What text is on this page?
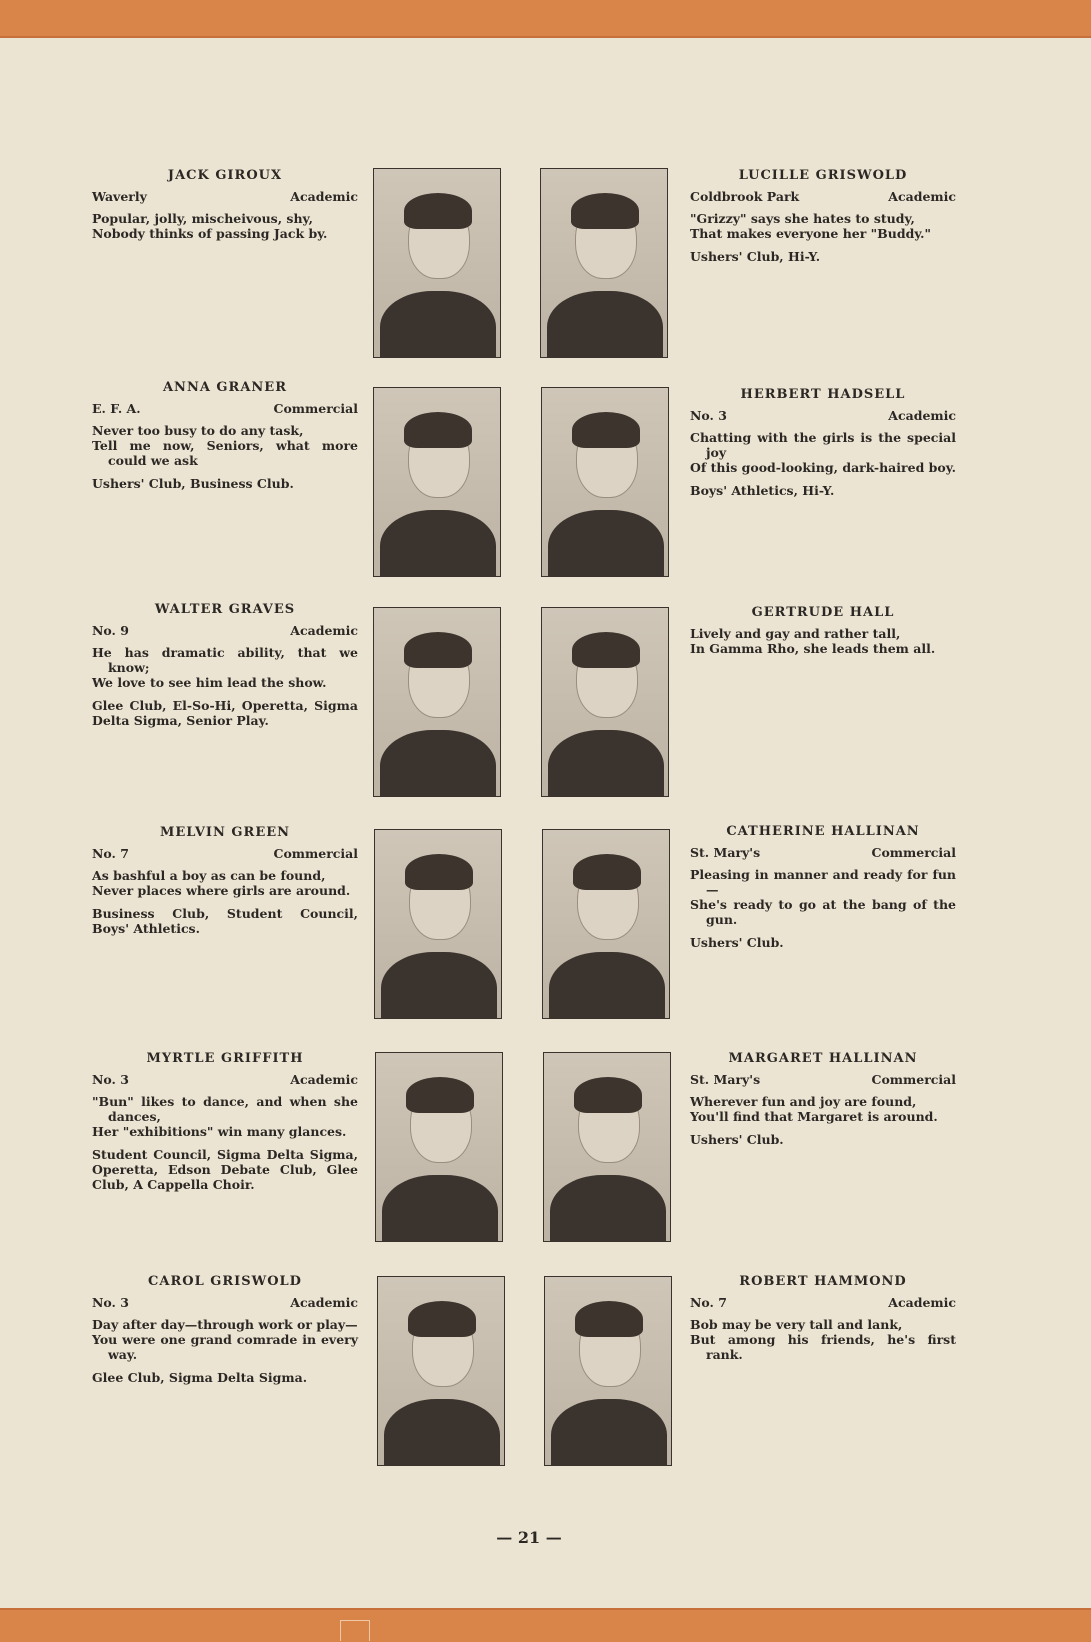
JACK GIROUX
Waverly	Academic
Popular, jolly, mischeivous, shy,
Nobody thinks of passing Jack by.
ANNA GRANER
E. F. A.	Commercial
Never too busy to do any task,
Tell me now, Seniors, what more could we ask
Ushers' Club, Business Club.
WALTER GRAVES
No. 9	Academic
He has dramatic ability, that we know;
We love to see him lead the show.
Glee Club, El-So-Hi, Operetta, Sigma Delta Sigma, Senior Play.
MELVIN GREEN
No. 7	Commercial
As bashful a boy as can be found,
Never places where girls are around.
Business Club, Student Council, Boys' Athletics.
MYRTLE GRIFFITH
No. 3	Academic
"Bun" likes to dance, and when she dances,
Her "exhibitions" win many glances.
Student Council, Sigma Delta Sigma, Operetta, Edson Debate Club, Glee Club, A Cappella Choir.
CAROL GRISWOLD
No. 3	Academic
Day after day—through work or play—
You were one grand comrade in every way.
Glee Club, Sigma Delta Sigma.
LUCILLE GRISWOLD
Coldbrook Park	Academic
"Grizzy" says she hates to study,
That makes everyone her "Buddy."
Ushers' Club, Hi-Y.
HERBERT HADSELL
No. 3	Academic
Chatting with the girls is the special joy
Of this good-looking, dark-haired boy.
Boys' Athletics, Hi-Y.
GERTRUDE HALL
Lively and gay and rather tall,
In Gamma Rho, she leads them all.
CATHERINE HALLINAN
St. Mary's	Commercial
Pleasing in manner and ready for fun—
She's ready to go at the bang of the gun.
Ushers' Club.
MARGARET HALLINAN
St. Mary's	Commercial
Wherever fun and joy are found,
You'll find that Margaret is around.
Ushers' Club.
ROBERT HAMMOND
No. 7	Academic
Bob may be very tall and lank,
But among his friends, he's first rank.
— 21 —
